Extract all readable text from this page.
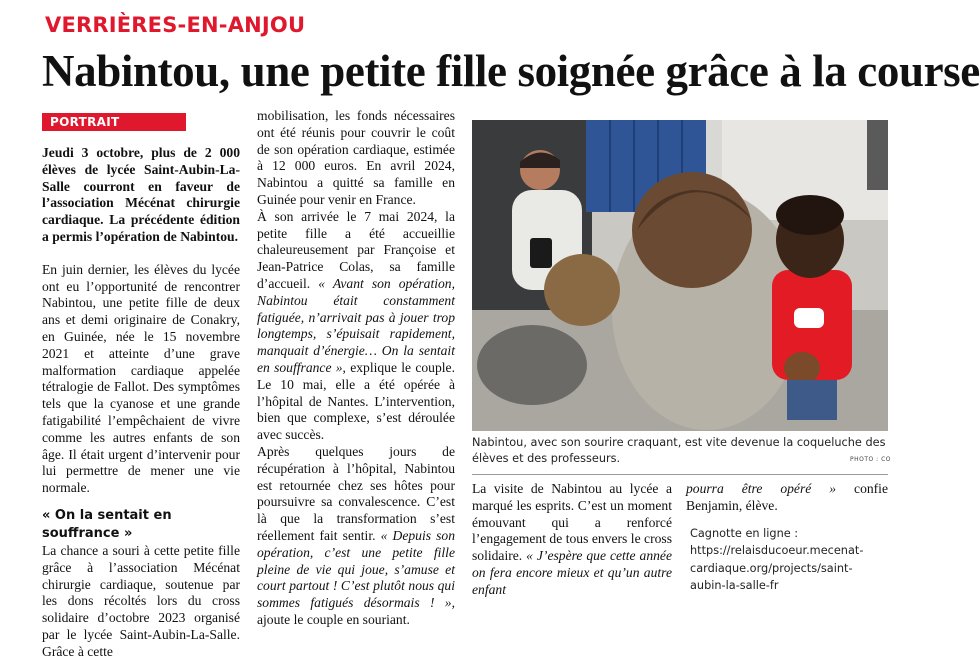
VERRIÈRES-EN-ANJOU
Nabintou, une petite fille soignée grâce à la course
PORTRAIT

Jeudi 3 octobre, plus de 2 000 élèves de lycée Saint-Aubin-La-Salle courront en faveur de l’association Mécénat chirurgie cardiaque. La précédente édition a permis l’opération de Nabintou.

En juin dernier, les élèves du lycée ont eu l’opportunité de rencontrer Nabintou, une petite fille de deux ans et demi originaire de Conakry, en Guinée, née le 15 novembre 2021 et atteinte d’une grave malformation cardiaque appelée tétralogie de Fallot. Des symptômes tels que la cyanose et une grande fatigabilité l’empêchaient de vivre comme les autres enfants de son âge. Il était urgent d’intervenir pour lui permettre de mener une vie normale.

« On la sentait en souffrance »

La chance a souri à cette petite fille grâce à l’association Mécénat chirurgie cardiaque, soutenue par les dons récoltés lors du cross solidaire d’octobre 2023 organisé par le lycée Saint-Aubin-La-Salle. Grâce à cette

mobilisation, les fonds nécessaires ont été réunis pour couvrir le coût de son opération cardiaque, estimée à 12 000 euros. En avril 2024, Nabintou a quitté sa famille en Guinée pour venir en France.

À son arrivée le 7 mai 2024, la petite fille a été accueillie chaleureusement par Françoise et Jean-Patrice Colas, sa famille d’accueil. « Avant son opération, Nabintou était constamment fatiguée, n’arrivait pas à jouer trop longtemps, s’épuisait rapidement, manquait d’énergie… On la sentait en souffrance », explique le couple. Le 10 mai, elle a été opérée à l’hôpital de Nantes. L’intervention, bien que complexe, s’est déroulée avec succès.

Après quelques jours de récupération à l’hôpital, Nabintou est retournée chez ses hôtes pour poursuivre sa convalescence. C’est là que la transformation s’est réellement fait sentir. « Depuis son opération, c’est une petite fille pleine de vie qui joue, s’amuse et court partout ! C’est plutôt nous qui sommes fatigués désormais ! », ajoute le couple en souriant.

Nabintou, avec son sourire craquant, est vite devenue la coqueluche des élèves et des professeurs.	PHOTO : CO

La visite de Nabintou au lycée a marqué les esprits. C’est un moment émouvant qui a renforcé l’engagement de tous envers le cross solidaire. « J’espère que cette année on fera encore mieux et qu’un autre enfant

pourra être opéré » confie Benjamin, élève.

Cagnotte en ligne : https://relaisducoeur.mecenat-cardiaque.org/projects/saint-aubin-la-salle-fr
